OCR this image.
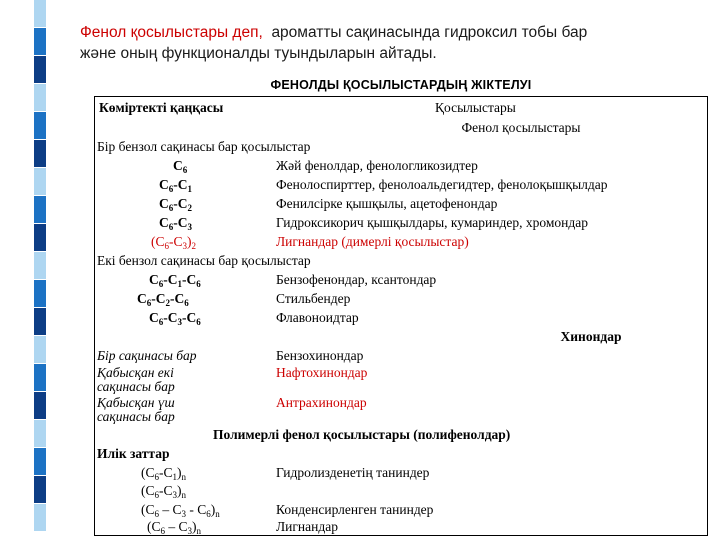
Фенол қосылыстары деп, ароматты сақинасында гидроксил тобы бар
және оның функционалды туындыларын айтады.
ФЕНОЛДЫ ҚОСЫЛЫСТАРДЫҢ ЖІКТЕЛУІ
Көміртекті қаңқасы	Қосылыстары
Фенол қосылыстары
Бір бензол сақинасы бар қосылыстар
$C_6$	Жәй фенолдар, фенологликозидтер
$C_6-C_1$	Фенолоспирттер, фенолоальдегидтер, фенолоқышқылдар
$C_6-C_2$	Фенилсірке қышқылы, ацетофенондар
$C_6-C_3$	Гидроксикорич қышқылдары, кумариндер, хромондар
$(C_6-C_3)_2$	Лигнандар (димерлі қосылыстар)
Екі бензол сақинасы бар қосылыстар
$C_6-C_1-C_6$	Бензофенондар, ксантондар
$C_6-C_2-C_6$	Стильбендер
$C_6-C_3-C_6$	Флавоноидтар
Хинондар
Бір сақинасы бар	Бензохинондар
Қабысқан екі	Нафтохинондар
сақинасы бар
Қабысқан үш	Антрахинондар
сақинасы бар
Полимерлі фенол қосылыстары (полифенолдар)
Илік заттар
$(C_6-C_1)_n$	Гидролизденетің таниндер
$(C_6-C_3)_n$
$(C_6 - C_3 - C_6)_n$	Конденсирленген таниндер
$(C_6 - C_3)_n$	Лигнандар
